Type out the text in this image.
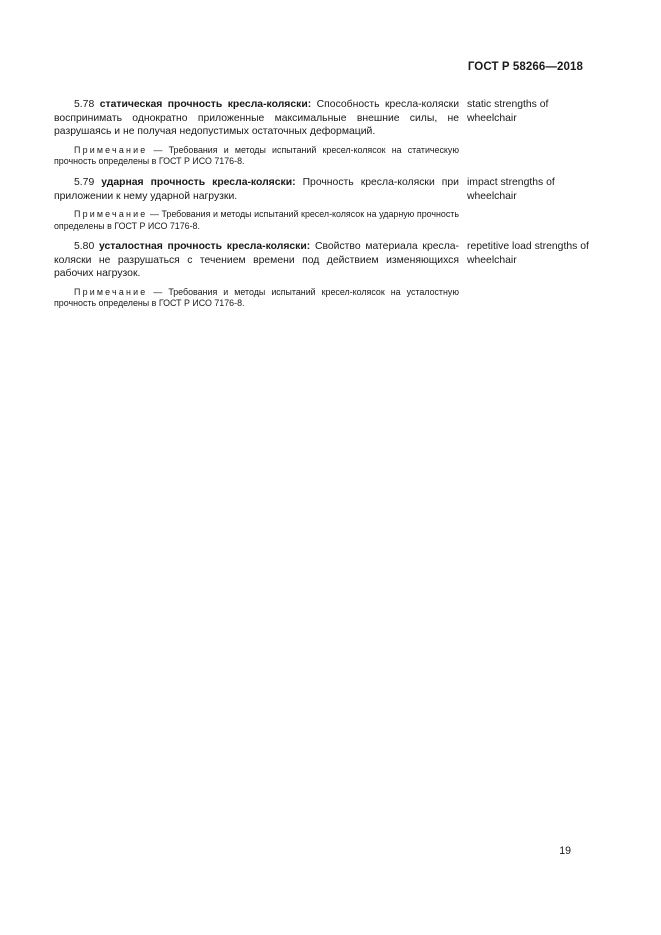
ГОСТ Р 58266—2018
5.78 статическая прочность кресла-коляски: Способность кресла-коляски воспринимать однократно приложенные максимальные внешние силы, не разрушаясь и не получая недопустимых остаточных деформаций.
Примечание — Требования и методы испытаний кресел-колясок на статическую прочность определены в ГОСТ Р ИСО 7176-8.
static strengths of wheelchair
5.79 ударная прочность кресла-коляски: Прочность кресла-коляски при приложении к нему ударной нагрузки.
Примечание — Требования и методы испытаний кресел-колясок на ударную прочность определены в ГОСТ Р ИСО 7176-8.
impact strengths of wheelchair
5.80 усталостная прочность кресла-коляски: Свойство материала кресла-коляски не разрушаться с течением времени под действием изменяющихся рабочих нагрузок.
Примечание — Требования и методы испытаний кресел-колясок на усталостную прочность определены в ГОСТ Р ИСО 7176-8.
repetitive load strengths of wheelchair
19
